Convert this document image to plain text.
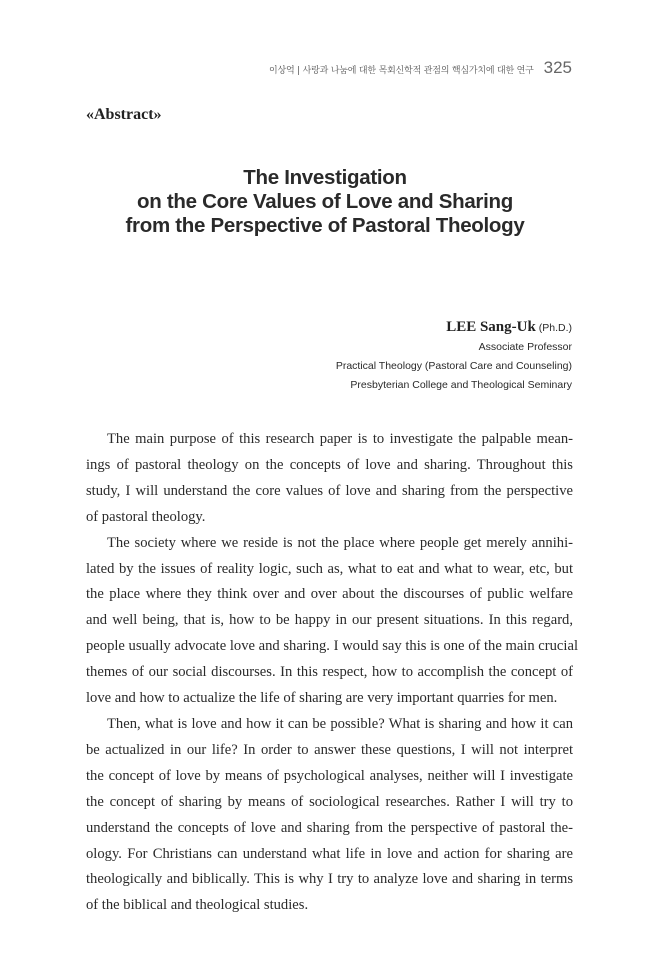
이상억 | 사랑과 나눔에 대한 목회신학적 관점의 핵심가치에 대한 연구 325
«Abstract»
The Investigation
on the Core Values of Love and Sharing
from the Perspective of Pastoral Theology
LEE Sang-Uk (Ph.D.)
Associate Professor
Practical Theology (Pastoral Care and Counseling)
Presbyterian College and Theological Seminary
The main purpose of this research paper is to investigate the palpable mean-
ings of pastoral theology on the concepts of love and sharing. Throughout this
study, I will understand the core values of love and sharing from the perspective
of pastoral theology.
The society where we reside is not the place where people get merely annihi-
lated by the issues of reality logic, such as, what to eat and what to wear, etc, but
the place where they think over and over about the discourses of public welfare
and well being, that is, how to be happy in our present situations. In this regard,
people usually advocate love and sharing. I would say this is one of the main crucial
themes of our social discourses. In this respect, how to accomplish the concept of
love and how to actualize the life of sharing are very important quarries for men.
Then, what is love and how it can be possible? What is sharing and how it can
be actualized in our life? In order to answer these questions, I will not interpret
the concept of love by means of psychological analyses, neither will I investigate
the concept of sharing by means of sociological researches. Rather I will try to
understand the concepts of love and sharing from the perspective of pastoral the-
ology. For Christians can understand what life in love and action for sharing are
theologically and biblically. This is why I try to analyze love and sharing in terms
of the biblical and theological studies.
